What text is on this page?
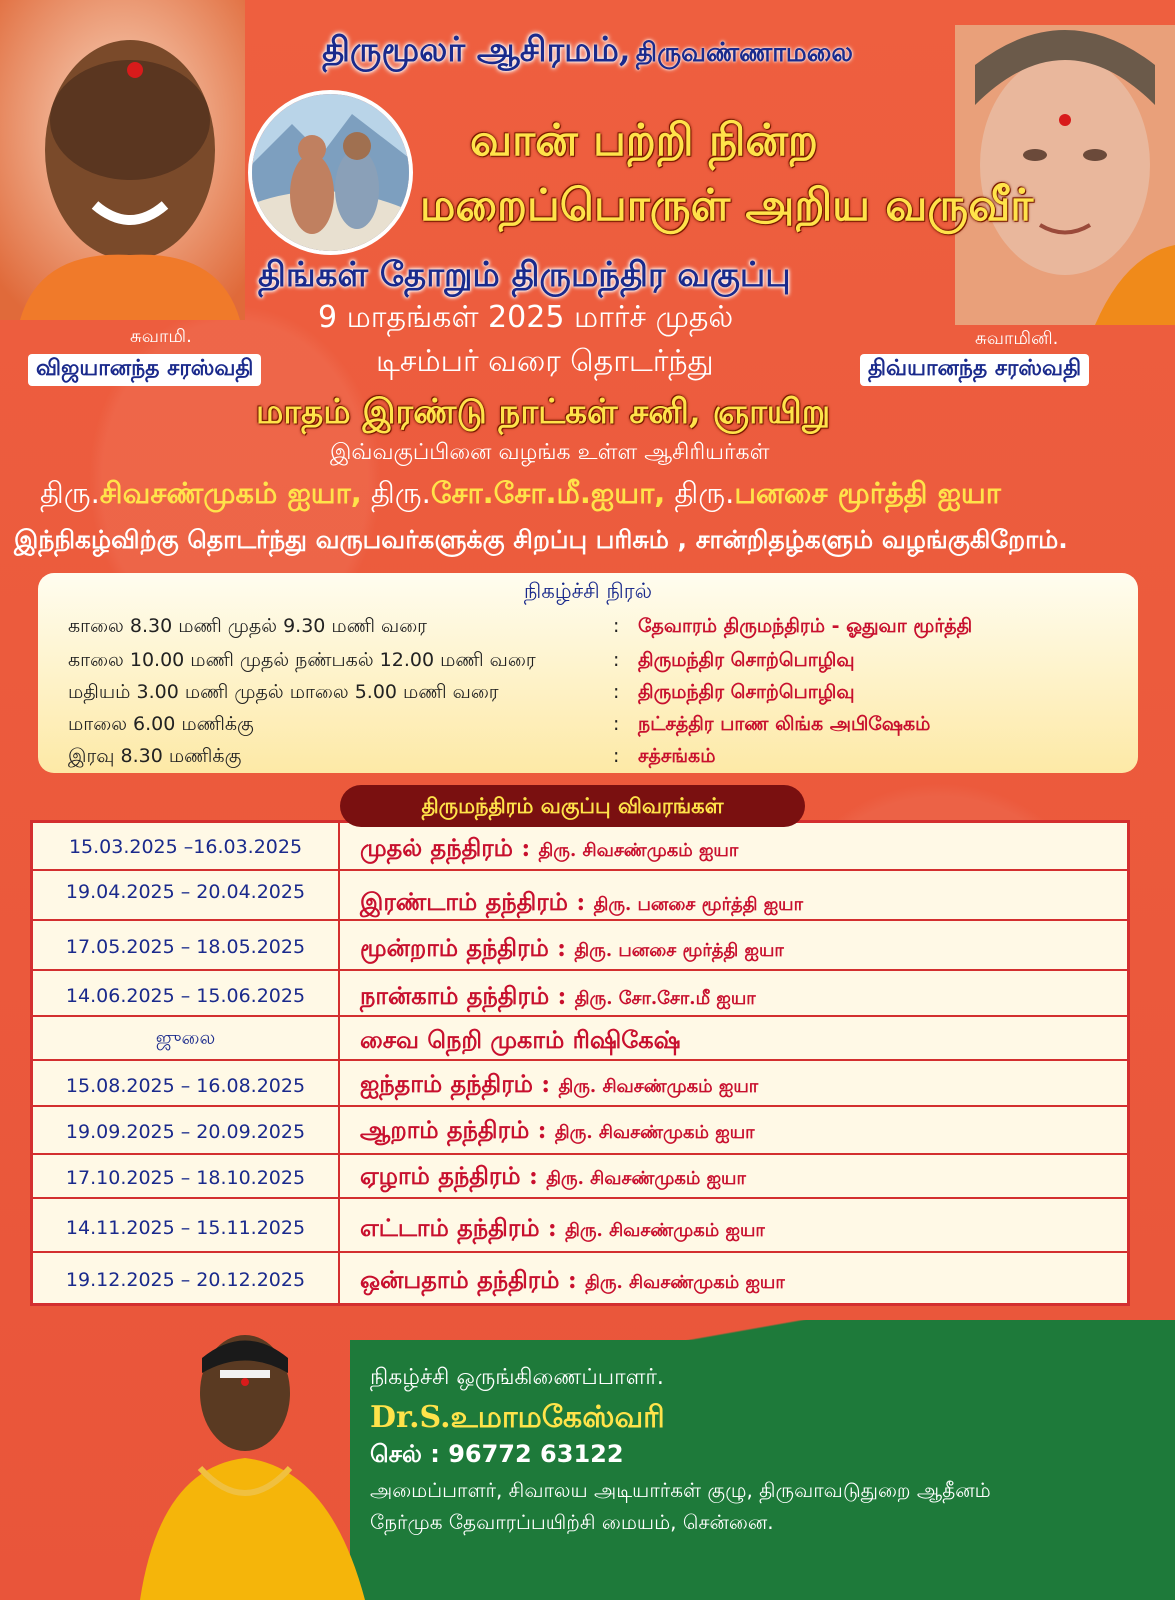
சுவாமி.
விஜயானந்த சரஸ்வதி
சுவாமினி.
திவ்யானந்த சரஸ்வதி
திருமூலர் ஆசிரமம், திருவண்ணாமலை
வான் பற்றி நின்ற
மறைப்பொருள் அறிய வருவீர்
திங்கள் தோறும் திருமந்திர வகுப்பு
9 மாதங்கள் 2025 மார்ச் முதல்
டிசம்பர் வரை தொடர்ந்து
மாதம் இரண்டு நாட்கள் சனி, ஞாயிறு
இவ்வகுப்பினை வழங்க உள்ள ஆசிரியர்கள்
திரு.சிவசண்முகம் ஐயா, திரு.சோ.சோ.மீ.ஐயா, திரு.பனசை மூர்த்தி ஐயா
இந்நிகழ்விற்கு தொடர்ந்து வருபவர்களுக்கு சிறப்பு பரிசும் , சான்றிதழ்களும் வழங்குகிறோம்.
நிகழ்ச்சி நிரல்
காலை 8.30 மணி முதல் 9.30 மணி வரை	: தேவாரம் திருமந்திரம் - ஓதுவா மூர்த்தி
காலை 10.00 மணி முதல் நண்பகல் 12.00 மணி வரை	: திருமந்திர சொற்பொழிவு
மதியம் 3.00 மணி முதல் மாலை 5.00 மணி வரை	: திருமந்திர சொற்பொழிவு
மாலை 6.00 மணிக்கு	: நட்சத்திர பாண லிங்க அபிஷேகம்
இரவு 8.30 மணிக்கு	: சத்சங்கம்
15.03.2025 –16.03.2025	முதல் தந்திரம் : திரு. சிவசண்முகம் ஐயா
19.04.2025 – 20.04.2025	இரண்டாம் தந்திரம் : திரு. பனசை மூர்த்தி ஐயா
17.05.2025 – 18.05.2025	மூன்றாம் தந்திரம் : திரு. பனசை மூர்த்தி ஐயா
14.06.2025 – 15.06.2025	நான்காம் தந்திரம் : திரு. சோ.சோ.மீ ஐயா
ஜுலை	சைவ நெறி முகாம் ரிஷிகேஷ்
15.08.2025 – 16.08.2025	ஐந்தாம் தந்திரம் : திரு. சிவசண்முகம் ஐயா
19.09.2025 – 20.09.2025	ஆறாம் தந்திரம் : திரு. சிவசண்முகம் ஐயா
17.10.2025 – 18.10.2025	ஏழாம் தந்திரம் : திரு. சிவசண்முகம் ஐயா
14.11.2025 – 15.11.2025	எட்டாம் தந்திரம் : திரு. சிவசண்முகம் ஐயா
19.12.2025 – 20.12.2025	ஒன்பதாம் தந்திரம் : திரு. சிவசண்முகம் ஐயா
திருமந்திரம் வகுப்பு விவரங்கள்
நிகழ்ச்சி ஒருங்கிணைப்பாளர்.
Dr.S.உமாமகேஸ்வரி
செல் : 96772 63122
அமைப்பாளர், சிவாலய அடியார்கள் குழு, திருவாவடுதுறை ஆதீனம்
நேர்முக தேவாரப்பயிற்சி மையம், சென்னை.
